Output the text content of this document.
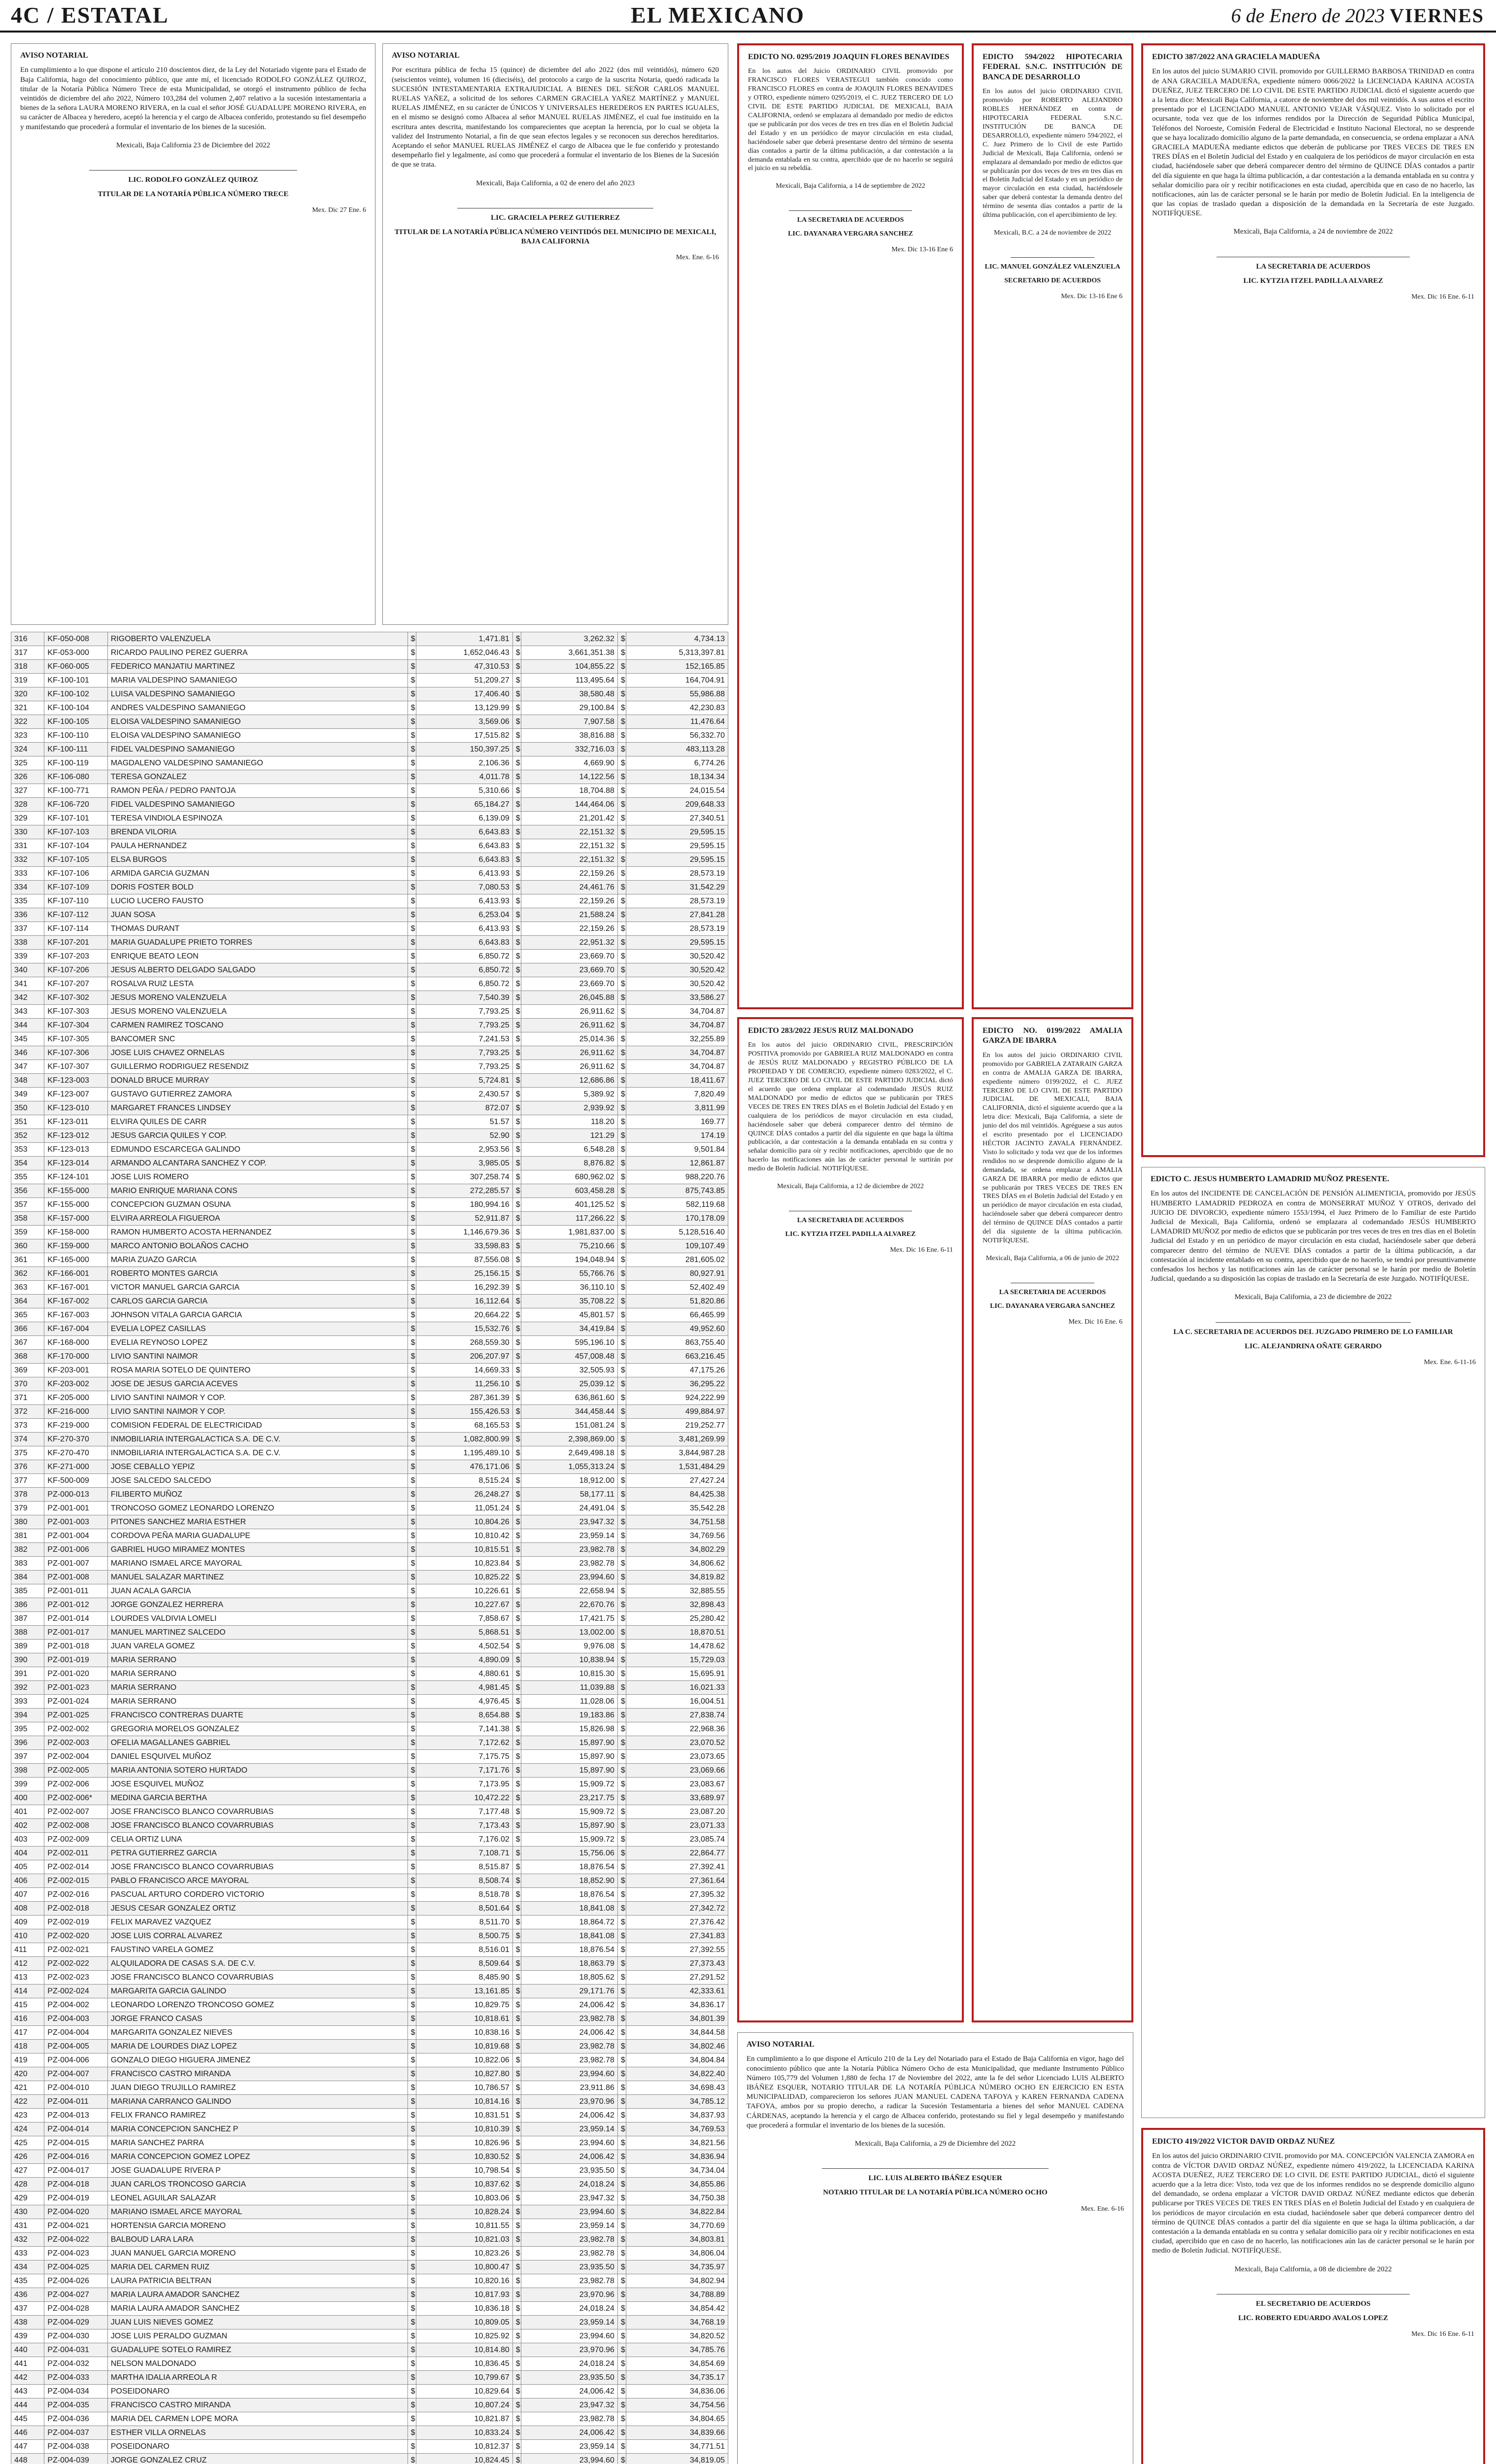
4C / ESTATAL	EL MEXICANO	6 de Enero de 2023 VIERNES
AVISO NOTARIAL

En cumplimiento a lo que dispone el artículo 210 doscientos diez, de la Ley del Notariado vigente para el Estado de Baja California, hago del conocimiento público, que ante mí, el licenciado RODOLFO GONZÁLEZ QUIROZ, titular de la Notaría Pública Número Trece de esta Municipalidad, se otorgó el instrumento público de fecha veintidós de diciembre del año 2022, Número 103,284 del volumen 2,407 relativo a la sucesión intestamentaria a bienes de la señora LAURA MORENO RIVERA, en la cual el señor JOSÉ GUADALUPE MORENO RIVERA, en su carácter de Albacea y heredero, aceptó la herencia y el cargo de Albacea conferido, protestando su fiel desempeño y manifestando que procederá a formular el inventario de los bienes de la sucesión.

Mexicali, Baja California 23 de Diciembre del 2022
LIC. RODOLFO GONZÁLEZ QUIROZ
TITULAR DE LA NOTARÍA PÚBLICA NÚMERO TRECE
Mex. Dic 27 Ene. 6
AVISO NOTARIAL

Por escritura pública de fecha 15 (quince) de diciembre del año 2022 (dos mil veintidós), número 620 (seiscientos veinte), volumen 16 (dieciséis), del protocolo a cargo de la suscrita Notaria, quedó radicada la SUCESIÓN INTESTAMENTARIA EXTRAJUDICIAL A BIENES DEL SEÑOR CARLOS MANUEL RUELAS YAÑEZ, a solicitud de los señores CARMEN GRACIELA YAÑEZ MARTÍNEZ y MANUEL RUELAS JIMÉNEZ, en su carácter de ÚNICOS Y UNIVERSALES HEREDEROS EN PARTES IGUALES, en el mismo se designó como Albacea al señor MANUEL RUELAS JIMÉNEZ, el cual fue instituido en la escritura antes descrita, manifestando los comparecientes que aceptan la herencia, por lo cual se objeta la validez del Instrumento Notarial, a fin de que sean efectos legales y se reconocen sus derechos hereditarios. Aceptando el señor MANUEL RUELAS JIMÉNEZ el cargo de Albacea que le fue conferido y protestando desempeñarlo fiel y legalmente, así como que procederá a formular el inventario de los Bienes de la Sucesión de que se trata.

Mexicali, Baja California, a 02 de enero del año 2023
LIC. GRACIELA PEREZ GUTIERREZ
TITULAR DE LA NOTARÍA PÚBLICA NÚMERO VEINTIDÓS DEL MUNICIPIO DE MEXICALI, BAJA CALIFORNIA
Mex. Ene. 6-16
EDICTO NO. 0295/2019 JOAQUIN FLORES BENAVIDES

En los autos del Juicio ORDINARIO CIVIL promovido por FRANCISCO FLORES VERASTEGUI también conocido como FRANCISCO FLORES en contra de JOAQUIN FLORES BENAVIDES y OTRO, expediente número 0295/2019, el C. JUEZ TERCERO DE LO CIVIL DE ESTE PARTIDO JUDICIAL DE MEXICALI, BAJA CALIFORNIA, ordenó se emplazara al demandado por medio de edictos que se publicarán por dos veces de tres en tres días en el Boletín Judicial del Estado y en un periódico de mayor circulación en esta ciudad, haciéndosele saber que deberá presentarse dentro del término de sesenta días contados a partir de la última publicación, a dar contestación a la demanda entablada en su contra, apercibido que de no hacerlo se seguirá el juicio en su rebeldía.

Mexicali, Baja California, a 14 de septiembre de 2022
LA SECRETARIA DE ACUERDOS
LIC. DAYANARA VERGARA SANCHEZ
Mex. Dic 13-16 Ene 6
EDICTO 594/2022 HIPOTECARIA FEDERAL S.N.C. INSTITUCIÓN DE BANCA DE DESARROLLO

En los autos del juicio ORDINARIO CIVIL promovido por ROBERTO ALEJANDRO ROBLES HERNÁNDEZ en contra de HIPOTECARIA FEDERAL S.N.C. INSTITUCIÓN DE BANCA DE DESARROLLO, expediente número 594/2022, el C. Juez Primero de lo Civil de este Partido Judicial de Mexicali, Baja California, ordenó se emplazara al demandado por medio de edictos que se publicarán por dos veces de tres en tres días en el Boletín Judicial del Estado y en un periódico de mayor circulación en esta ciudad, haciéndosele saber que deberá contestar la demanda dentro del término de sesenta días contados a partir de la última publicación, con el apercibimiento de ley.

Mexicali, B.C. a 24 de noviembre de 2022
LIC. MANUEL GONZÁLEZ VALENZUELA
SECRETARIO DE ACUERDOS
Mex. Dic 13-16 Ene 6
EDICTO 387/2022 ANA GRACIELA MADUEÑA

En los autos del juicio SUMARIO CIVIL promovido por GUILLERMO BARBOSA TRINIDAD en contra de ANA GRACIELA MADUEÑA, expediente número 0066/2022 la LICENCIADA KARINA ACOSTA DUEÑEZ, JUEZ TERCERO DE LO CIVIL DE ESTE PARTIDO JUDICIAL dictó el siguiente acuerdo que a la letra dice: Mexicali Baja California, a catorce de noviembre del dos mil veintidós. A sus autos el escrito presentado por el LICENCIADO MANUEL ANTONIO VEJAR VÁSQUEZ. Visto lo solicitado por el ocursante, toda vez que de los informes rendidos por la Dirección de Seguridad Pública Municipal, Teléfonos del Noroeste, Comisión Federal de Electricidad e Instituto Nacional Electoral, no se desprende que se haya localizado domicilio alguno de la parte demandada, en consecuencia, se ordena emplazar a ANA GRACIELA MADUEÑA mediante edictos que deberán de publicarse por TRES VECES DE TRES EN TRES DÍAS en el Boletín Judicial del Estado y en cualquiera de los periódicos de mayor circulación en esta ciudad, haciéndosele saber que deberá comparecer dentro del término de QUINCE DÍAS contados a partir del día siguiente en que haga la última publicación, a dar contestación a la demanda entablada en su contra y señalar domicilio para oír y recibir notificaciones en esta ciudad, apercibida que en caso de no hacerlo, las notificaciones, aún las de carácter personal se le harán por medio de Boletín Judicial. En la inteligencia de que las copias de traslado quedan a disposición de la demandada en la Secretaría de este Juzgado. NOTIFÍQUESE.

Mexicali, Baja California, a 24 de noviembre de 2022
LA SECRETARIA DE ACUERDOS
LIC. KYTZIA ITZEL PADILLA ALVAREZ
Mex. Dic 16 Ene. 6-11
EDICTO C. JESUS HUMBERTO LAMADRID MUÑOZ PRESENTE.

En los autos del INCIDENTE DE CANCELACIÓN DE PENSIÓN ALIMENTICIA, promovido por JESÚS HUMBERTO LAMADRID PEDROZA en contra de MONSERRAT MUÑOZ Y OTROS, derivado del JUICIO DE DIVORCIO, expediente número 1553/1994, el Juez Primero de lo Familiar de este Partido Judicial de Mexicali, Baja California, ordenó se emplazara al codemandado JESÚS HUMBERTO LAMADRID MUÑOZ por medio de edictos que se publicarán por tres veces de tres en tres días en el Boletín Judicial del Estado y en un periódico de mayor circulación en esta ciudad, haciéndosele saber que deberá comparecer dentro del término de NUEVE DÍAS contados a partir de la última publicación, a dar contestación al incidente entablado en su contra, apercibido que de no hacerlo, se tendrá por presuntivamente confesados los hechos y las notificaciones aún las de carácter personal se le harán por medio de Boletín Judicial, quedando a su disposición las copias de traslado en la Secretaría de este Juzgado. NOTIFÍQUESE.

Mexicali, Baja California, a 23 de diciembre de 2022
LA C. SECRETARIA DE ACUERDOS DEL JUZGADO PRIMERO DE LO FAMILIAR
LIC. ALEJANDRINA OÑATE GERARDO
Mex. Ene. 6-11-16
EDICTO 283/2022 JESUS RUIZ MALDONADO

En los autos del juicio ORDINARIO CIVIL, PRESCRIPCIÓN POSITIVA promovido por GABRIELA RUIZ MALDONADO en contra de JESÚS RUIZ MALDONADO y REGISTRO PÚBLICO DE LA PROPIEDAD Y DE COMERCIO, expediente número 0283/2022, el C. JUEZ TERCERO DE LO CIVIL DE ESTE PARTIDO JUDICIAL dictó el acuerdo que ordena emplazar al codemandado JESÚS RUIZ MALDONADO por medio de edictos que se publicarán por TRES VECES DE TRES EN TRES DÍAS en el Boletín Judicial del Estado y en cualquiera de los periódicos de mayor circulación en esta ciudad, haciéndosele saber que deberá comparecer dentro del término de QUINCE DÍAS contados a partir del día siguiente en que haga la última publicación, a dar contestación a la demanda entablada en su contra y señalar domicilio para oír y recibir notificaciones, apercibido que de no hacerlo las notificaciones aún las de carácter personal le surtirán por medio de Boletín Judicial. NOTIFÍQUESE.

Mexicali, Baja California, a 12 de diciembre de 2022
LA SECRETARIA DE ACUERDOS
LIC. KYTZIA ITZEL PADILLA ALVAREZ
Mex. Dic 16 Ene. 6-11
EDICTO NO. 0199/2022 AMALIA GARZA DE IBARRA

En los autos del juicio ORDINARIO CIVIL promovido por GABRIELA ZATARAIN GARZA en contra de AMALIA GARZA DE IBARRA, expediente número 0199/2022, el C. JUEZ TERCERO DE LO CIVIL DE ESTE PARTIDO JUDICIAL DE MEXICALI, BAJA CALIFORNIA, dictó el siguiente acuerdo que a la letra dice: Mexicali, Baja California, a siete de junio del dos mil veintidós. Agréguese a sus autos el escrito presentado por el LICENCIADO HÉCTOR JACINTO ZAVALA FERNÁNDEZ. Visto lo solicitado y toda vez que de los informes rendidos no se desprende domicilio alguno de la demandada, se ordena emplazar a AMALIA GARZA DE IBARRA por medio de edictos que se publicarán por TRES VECES DE TRES EN TRES DÍAS en el Boletín Judicial del Estado y en un periódico de mayor circulación en esta ciudad, haciéndosele saber que deberá comparecer dentro del término de QUINCE DÍAS contados a partir del día siguiente de la última publicación. NOTIFÍQUESE.

Mexicali, Baja California, a 06 de junio de 2022
LA SECRETARIA DE ACUERDOS
LIC. DAYANARA VERGARA SANCHEZ
Mex. Dic 16 Ene. 6
EDICTO 419/2022 VICTOR DAVID ORDAZ NUÑEZ

En los autos del juicio ORDINARIO CIVIL promovido por MA. CONCEPCIÓN VALENCIA ZAMORA en contra de VÍCTOR DAVID ORDAZ NÚÑEZ, expediente número 419/2022, la LICENCIADA KARINA ACOSTA DUEÑEZ, JUEZ TERCERO DE LO CIVIL DE ESTE PARTIDO JUDICIAL, dictó el siguiente acuerdo que a la letra dice: Visto, toda vez que de los informes rendidos no se desprende domicilio alguno del demandado, se ordena emplazar a VÍCTOR DAVID ORDAZ NÚÑEZ mediante edictos que deberán publicarse por TRES VECES DE TRES EN TRES DÍAS en el Boletín Judicial del Estado y en cualquiera de los periódicos de mayor circulación en esta ciudad, haciéndosele saber que deberá comparecer dentro del término de QUINCE DÍAS contados a partir del día siguiente en que se haga la última publicación, a dar contestación a la demanda entablada en su contra y señalar domicilio para oír y recibir notificaciones en esta ciudad, apercibido que en caso de no hacerlo, las notificaciones aún las de carácter personal se le harán por medio de Boletín Judicial. NOTIFÍQUESE.

Mexicali, Baja California, a 08 de diciembre de 2022
EL SECRETARIO DE ACUERDOS
LIC. ROBERTO EDUARDO AVALOS LOPEZ
Mex. Dic 16 Ene. 6-11
AVISO NOTARIAL

En cumplimiento a lo que dispone el Artículo 210 de la Ley del Notariado para el Estado de Baja California en vigor, hago del conocimiento público que ante la Notaría Pública Número Ocho de esta Municipalidad, que mediante Instrumento Público Número 105,779 del Volumen 1,880 de fecha 17 de Noviembre del 2022, ante la fe del señor Licenciado LUIS ALBERTO IBÁÑEZ ESQUER, NOTARIO TITULAR DE LA NOTARÍA PÚBLICA NÚMERO OCHO EN EJERCICIO EN ESTA MUNICIPALIDAD, comparecieron los señores JUAN MANUEL CADENA TAFOYA y KAREN FERNANDA CADENA TAFOYA, ambos por su propio derecho, a radicar la Sucesión Testamentaria a bienes del señor MANUEL CADENA CÁRDENAS, aceptando la herencia y el cargo de Albacea conferido, protestando su fiel y legal desempeño y manifestando que procederá a formular el inventario de los bienes de la sucesión.

Mexicali, Baja California, a 29 de Diciembre del 2022
LIC. LUIS ALBERTO IBÁÑEZ ESQUER
NOTARIO TITULAR DE LA NOTARÍA PÚBLICA NÚMERO OCHO
Mex. Ene. 6-16
316	KF-050-008	RIGOBERTO VALENZUELA	$	1,471.81	$	3,262.32	$	4,734.13
317	KF-053-000	RICARDO PAULINO PEREZ GUERRA	$	1,652,046.43	$	3,661,351.38	$	5,313,397.81
318	KF-060-005	FEDERICO MANJATIU MARTINEZ	$	47,310.53	$	104,855.22	$	152,165.85
319	KF-100-101	MARIA VALDESPINO SAMANIEGO	$	51,209.27	$	113,495.64	$	164,704.91
320	KF-100-102	LUISA VALDESPINO SAMANIEGO	$	17,406.40	$	38,580.48	$	55,986.88
321	KF-100-104	ANDRES VALDESPINO SAMANIEGO	$	13,129.99	$	29,100.84	$	42,230.83
322	KF-100-105	ELOISA VALDESPINO SAMANIEGO	$	3,569.06	$	7,907.58	$	11,476.64
323	KF-100-110	ELOISA VALDESPINO SAMANIEGO	$	17,515.82	$	38,816.88	$	56,332.70
324	KF-100-111	FIDEL VALDESPINO SAMANIEGO	$	150,397.25	$	332,716.03	$	483,113.28
325	KF-100-119	MAGDALENO VALDESPINO SAMANIEGO	$	2,106.36	$	4,669.90	$	6,774.26
326	KF-106-080	TERESA GONZALEZ	$	4,011.78	$	14,122.56	$	18,134.34
327	KF-100-771	RAMON PEÑA / PEDRO PANTOJA	$	5,310.66	$	18,704.88	$	24,015.54
328	KF-106-720	FIDEL VALDESPINO SAMANIEGO	$	65,184.27	$	144,464.06	$	209,648.33
329	KF-107-101	TERESA VINDIOLA ESPINOZA	$	6,139.09	$	21,201.42	$	27,340.51
330	KF-107-103	BRENDA VILORIA	$	6,643.83	$	22,151.32	$	29,595.15
331	KF-107-104	PAULA HERNANDEZ	$	6,643.83	$	22,151.32	$	29,595.15
332	KF-107-105	ELSA BURGOS	$	6,643.83	$	22,151.32	$	29,595.15
333	KF-107-106	ARMIDA GARCIA GUZMAN	$	6,413.93	$	22,159.26	$	28,573.19
334	KF-107-109	DORIS FOSTER BOLD	$	7,080.53	$	24,461.76	$	31,542.29
335	KF-107-110	LUCIO LUCERO FAUSTO	$	6,413.93	$	22,159.26	$	28,573.19
336	KF-107-112	JUAN SOSA	$	6,253.04	$	21,588.24	$	27,841.28
337	KF-107-114	THOMAS DURANT	$	6,413.93	$	22,159.26	$	28,573.19
338	KF-107-201	MARIA GUADALUPE PRIETO TORRES	$	6,643.83	$	22,951.32	$	29,595.15
339	KF-107-203	ENRIQUE BEATO LEON	$	6,850.72	$	23,669.70	$	30,520.42
340	KF-107-206	JESUS ALBERTO DELGADO SALGADO	$	6,850.72	$	23,669.70	$	30,520.42
341	KF-107-207	ROSALVA RUIZ LESTA	$	6,850.72	$	23,669.70	$	30,520.42
342	KF-107-302	JESUS MORENO VALENZUELA	$	7,540.39	$	26,045.88	$	33,586.27
343	KF-107-303	JESUS MORENO VALENZUELA	$	7,793.25	$	26,911.62	$	34,704.87
344	KF-107-304	CARMEN RAMIREZ TOSCANO	$	7,793.25	$	26,911.62	$	34,704.87
345	KF-107-305	BANCOMER SNC	$	7,241.53	$	25,014.36	$	32,255.89
346	KF-107-306	JOSE LUIS CHAVEZ ORNELAS	$	7,793.25	$	26,911.62	$	34,704.87
347	KF-107-307	GUILLERMO RODRIGUEZ RESENDIZ	$	7,793.25	$	26,911.62	$	34,704.87
348	KF-123-003	DONALD BRUCE MURRAY	$	5,724.81	$	12,686.86	$	18,411.67
349	KF-123-007	GUSTAVO GUTIERREZ ZAMORA	$	2,430.57	$	5,389.92	$	7,820.49
350	KF-123-010	MARGARET FRANCES LINDSEY	$	872.07	$	2,939.92	$	3,811.99
351	KF-123-011	ELVIRA QUILES DE CARR	$	51.57	$	118.20	$	169.77
352	KF-123-012	JESUS GARCIA QUILES Y COP.	$	52.90	$	121.29	$	174.19
353	KF-123-013	EDMUNDO ESCARCEGA GALINDO	$	2,953.56	$	6,548.28	$	9,501.84
354	KF-123-014	ARMANDO ALCANTARA SANCHEZ Y COP.	$	3,985.05	$	8,876.82	$	12,861.87
355	KF-124-101	JOSE LUIS ROMERO	$	307,258.74	$	680,962.02	$	988,220.76
356	KF-155-000	MARIO ENRIQUE MARIANA CONS	$	272,285.57	$	603,458.28	$	875,743.85
357	KF-155-000	CONCEPCION GUZMAN OSUNA	$	180,994.16	$	401,125.52	$	582,119.68
358	KF-157-000	ELVIRA ARREOLA FIGUEROA	$	52,911.87	$	117,266.22	$	170,178.09
359	KF-158-000	RAMON HUMBERTO ACOSTA HERNANDEZ	$	1,146,679.36	$	1,981,837.00	$	5,128,516.40
360	KF-159-000	MARCO ANTONIO BOLAÑOS CACHO	$	33,598.83	$	75,210.66	$	109,107.49
361	KF-165-000	MARIA ZUAZO GARCIA	$	87,556.08	$	194,048.94	$	281,605.02
362	KF-166-001	ROBERTO MONTES GARCIA	$	25,156.15	$	55,766.76	$	80,927.91
363	KF-167-001	VICTOR MANUEL GARCIA GARCIA	$	16,292.39	$	36,110.10	$	52,402.49
364	KF-167-002	CARLOS GARCIA GARCIA	$	16,112.64	$	35,708.22	$	51,820.86
365	KF-167-003	JOHNSON VITALA GARCIA GARCIA	$	20,664.22	$	45,801.57	$	66,465.99
366	KF-167-004	EVELIA LOPEZ CASILLAS	$	15,532.76	$	34,419.84	$	49,952.60
367	KF-168-000	EVELIA REYNOSO LOPEZ	$	268,559.30	$	595,196.10	$	863,755.40
368	KF-170-000	LIVIO SANTINI NAIMOR	$	206,207.97	$	457,008.48	$	663,216.45
369	KF-203-001	ROSA MARIA SOTELO DE QUINTERO	$	14,669.33	$	32,505.93	$	47,175.26
370	KF-203-002	JOSE DE JESUS GARCIA ACEVES	$	11,256.10	$	25,039.12	$	36,295.22
371	KF-205-000	LIVIO SANTINI NAIMOR Y COP.	$	287,361.39	$	636,861.60	$	924,222.99
372	KF-216-000	LIVIO SANTINI NAIMOR Y COP.	$	155,426.53	$	344,458.44	$	499,884.97
373	KF-219-000	COMISION FEDERAL DE ELECTRICIDAD	$	68,165.53	$	151,081.24	$	219,252.77
374	KF-270-370	INMOBILIARIA INTERGALACTICA S.A. DE C.V.	$	1,082,800.99	$	2,398,869.00	$	3,481,269.99
375	KF-270-470	INMOBILIARIA INTERGALACTICA S.A. DE C.V.	$	1,195,489.10	$	2,649,498.18	$	3,844,987.28
376	KF-271-000	JOSE CEBALLO YEPIZ	$	476,171.06	$	1,055,313.24	$	1,531,484.29
377	KF-500-009	JOSE SALCEDO SALCEDO	$	8,515.24	$	18,912.00	$	27,427.24
378	PZ-000-013	FILIBERTO MUÑOZ	$	26,248.27	$	58,177.11	$	84,425.38
379	PZ-001-001	TRONCOSO GOMEZ LEONARDO LORENZO	$	11,051.24	$	24,491.04	$	35,542.28
380	PZ-001-003	PITONES SANCHEZ MARIA ESTHER	$	10,804.26	$	23,947.32	$	34,751.58
381	PZ-001-004	CORDOVA PEÑA MARIA GUADALUPE	$	10,810.42	$	23,959.14	$	34,769.56
382	PZ-001-006	GABRIEL HUGO MIRAMEZ MONTES	$	10,815.51	$	23,982.78	$	34,802.29
383	PZ-001-007	MARIANO ISMAEL ARCE MAYORAL	$	10,823.84	$	23,982.78	$	34,806.62
384	PZ-001-008	MANUEL SALAZAR MARTINEZ	$	10,825.22	$	23,994.60	$	34,819.82
385	PZ-001-011	JUAN ACALA GARCIA	$	10,226.61	$	22,658.94	$	32,885.55
386	PZ-001-012	JORGE GONZALEZ HERRERA	$	10,227.67	$	22,670.76	$	32,898.43
387	PZ-001-014	LOURDES VALDIVIA LOMELI	$	7,858.67	$	17,421.75	$	25,280.42
388	PZ-001-017	MANUEL MARTINEZ SALCEDO	$	5,868.51	$	13,002.00	$	18,870.51
389	PZ-001-018	JUAN VARELA GOMEZ	$	4,502.54	$	9,976.08	$	14,478.62
390	PZ-001-019	MARIA SERRANO	$	4,890.09	$	10,838.94	$	15,729.03
391	PZ-001-020	MARIA SERRANO	$	4,880.61	$	10,815.30	$	15,695.91
392	PZ-001-023	MARIA SERRANO	$	4,981.45	$	11,039.88	$	16,021.33
393	PZ-001-024	MARIA SERRANO	$	4,976.45	$	11,028.06	$	16,004.51
394	PZ-001-025	FRANCISCO CONTRERAS DUARTE	$	8,654.88	$	19,183.86	$	27,838.74
395	PZ-002-002	GREGORIA MORELOS GONZALEZ	$	7,141.38	$	15,826.98	$	22,968.36
396	PZ-002-003	OFELIA MAGALLANES GABRIEL	$	7,172.62	$	15,897.90	$	23,070.52
397	PZ-002-004	DANIEL ESQUIVEL MUÑOZ	$	7,175.75	$	15,897.90	$	23,073.65
398	PZ-002-005	MARIA ANTONIA SOTERO HURTADO	$	7,171.76	$	15,897.90	$	23,069.66
399	PZ-002-006	JOSE ESQUIVEL MUÑOZ	$	7,173.95	$	15,909.72	$	23,083.67
400	PZ-002-006*	MEDINA GARCIA BERTHA	$	10,472.22	$	23,217.75	$	33,689.97
401	PZ-002-007	JOSE FRANCISCO BLANCO COVARRUBIAS	$	7,177.48	$	15,909.72	$	23,087.20
402	PZ-002-008	JOSE FRANCISCO BLANCO COVARRUBIAS	$	7,173.43	$	15,897.90	$	23,071.33
403	PZ-002-009	CELIA ORTIZ LUNA	$	7,176.02	$	15,909.72	$	23,085.74
404	PZ-002-011	PETRA GUTIERREZ GARCIA	$	7,108.71	$	15,756.06	$	22,864.77
405	PZ-002-014	JOSE FRANCISCO BLANCO COVARRUBIAS	$	8,515.87	$	18,876.54	$	27,392.41
406	PZ-002-015	PABLO FRANCISCO ARCE MAYORAL	$	8,508.74	$	18,852.90	$	27,361.64
407	PZ-002-016	PASCUAL ARTURO CORDERO VICTORIO	$	8,518.78	$	18,876.54	$	27,395.32
408	PZ-002-018	JESUS CESAR GONZALEZ ORTIZ	$	8,501.64	$	18,841.08	$	27,342.72
409	PZ-002-019	FELIX MARAVEZ VAZQUEZ	$	8,511.70	$	18,864.72	$	27,376.42
410	PZ-002-020	JOSE LUIS CORRAL ALVAREZ	$	8,500.75	$	18,841.08	$	27,341.83
411	PZ-002-021	FAUSTINO VARELA GOMEZ	$	8,516.01	$	18,876.54	$	27,392.55
412	PZ-002-022	ALQUILADORA DE CASAS S.A. DE C.V.	$	8,509.64	$	18,863.79	$	27,373.43
413	PZ-002-023	JOSE FRANCISCO BLANCO COVARRUBIAS	$	8,485.90	$	18,805.62	$	27,291.52
414	PZ-002-024	MARGARITA GARCIA GALINDO	$	13,161.85	$	29,171.76	$	42,333.61
415	PZ-004-002	LEONARDO LORENZO TRONCOSO GOMEZ	$	10,829.75	$	24,006.42	$	34,836.17
416	PZ-004-003	JORGE FRANCO CASAS	$	10,818.61	$	23,982.78	$	34,801.39
417	PZ-004-004	MARGARITA GONZALEZ NIEVES	$	10,838.16	$	24,006.42	$	34,844.58
418	PZ-004-005	MARIA DE LOURDES DIAZ LOPEZ	$	10,819.68	$	23,982.78	$	34,802.46
419	PZ-004-006	GONZALO DIEGO HIGUERA JIMENEZ	$	10,822.06	$	23,982.78	$	34,804.84
420	PZ-004-007	FRANCISCO CASTRO MIRANDA	$	10,827.80	$	23,994.60	$	34,822.40
421	PZ-004-010	JUAN DIEGO TRUJILLO RAMIREZ	$	10,786.57	$	23,911.86	$	34,698.43
422	PZ-004-011	MARIANA CARRANCO GALINDO	$	10,814.16	$	23,970.96	$	34,785.12
423	PZ-004-013	FELIX FRANCO RAMIREZ	$	10,831.51	$	24,006.42	$	34,837.93
424	PZ-004-014	MARIA CONCEPCION SANCHEZ P	$	10,810.39	$	23,959.14	$	34,769.53
425	PZ-004-015	MARIA SANCHEZ PARRA	$	10,826.96	$	23,994.60	$	34,821.56
426	PZ-004-016	MARIA CONCEPCION GOMEZ LOPEZ	$	10,830.52	$	24,006.42	$	34,836.94
427	PZ-004-017	JOSE GUADALUPE RIVERA P	$	10,798.54	$	23,935.50	$	34,734.04
428	PZ-004-018	JUAN CARLOS TRONCOSO GARCIA	$	10,837.62	$	24,018.24	$	34,855.86
429	PZ-004-019	LEONEL AGUILAR SALAZAR	$	10,803.06	$	23,947.32	$	34,750.38
430	PZ-004-020	MARIANO ISMAEL ARCE MAYORAL	$	10,828.24	$	23,994.60	$	34,822.84
431	PZ-004-021	HORTENSIA GARCIA MORENO	$	10,811.55	$	23,959.14	$	34,770.69
432	PZ-004-022	BALBOUD LARA LARA	$	10,821.03	$	23,982.78	$	34,803.81
433	PZ-004-023	JUAN MANUEL GARCIA MORENO	$	10,823.26	$	23,982.78	$	34,806.04
434	PZ-004-025	MARIA DEL CARMEN RUIZ	$	10,800.47	$	23,935.50	$	34,735.97
435	PZ-004-026	LAURA PATRICIA BELTRAN	$	10,820.16	$	23,982.78	$	34,802.94
436	PZ-004-027	MARIA LAURA AMADOR SANCHEZ	$	10,817.93	$	23,970.96	$	34,788.89
437	PZ-004-028	MARIA LAURA AMADOR SANCHEZ	$	10,836.18	$	24,018.24	$	34,854.42
438	PZ-004-029	JUAN LUIS NIEVES GOMEZ	$	10,809.05	$	23,959.14	$	34,768.19
439	PZ-004-030	JOSE LUIS PERALDO GUZMAN	$	10,825.92	$	23,994.60	$	34,820.52
440	PZ-004-031	GUADALUPE SOTELO RAMIREZ	$	10,814.80	$	23,970.96	$	34,785.76
441	PZ-004-032	NELSON MALDONADO	$	10,836.45	$	24,018.24	$	34,854.69
442	PZ-004-033	MARTHA IDALIA ARREOLA R	$	10,799.67	$	23,935.50	$	34,735.17
443	PZ-004-034	POSEIDONARO	$	10,829.64	$	24,006.42	$	34,836.06
444	PZ-004-035	FRANCISCO CASTRO MIRANDA	$	10,807.24	$	23,947.32	$	34,754.56
445	PZ-004-036	MARIA DEL CARMEN LOPE MORA	$	10,821.87	$	23,982.78	$	34,804.65
446	PZ-004-037	ESTHER VILLA ORNELAS	$	10,833.24	$	24,006.42	$	34,839.66
447	PZ-004-038	POSEIDONARO	$	10,812.37	$	23,959.14	$	34,771.51
448	PZ-004-039	JORGE GONZALEZ CRUZ	$	10,824.45	$	23,994.60	$	34,819.05
